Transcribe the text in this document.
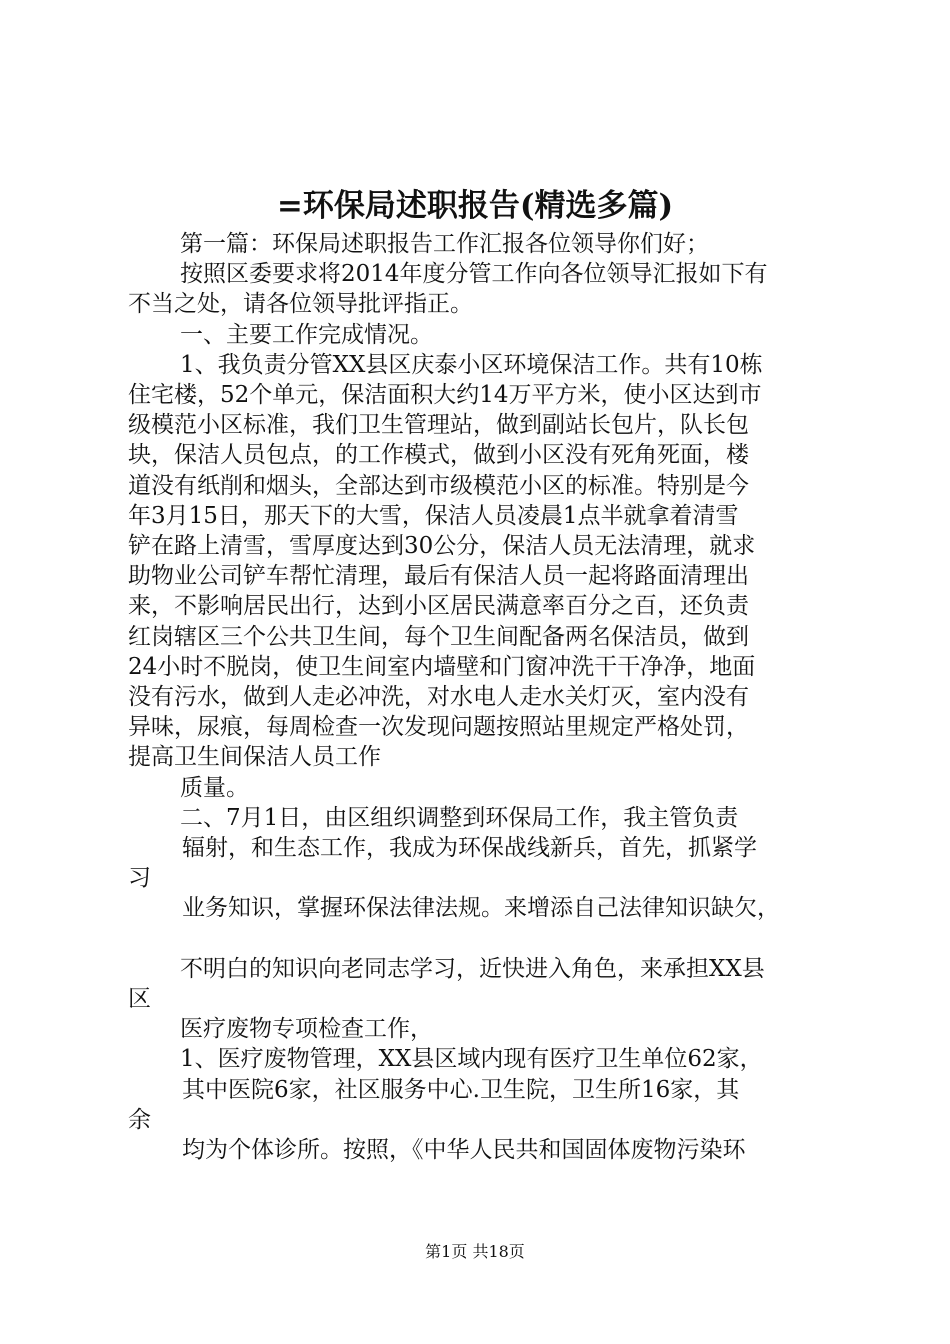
=环保局述职报告(精选多篇)

第一篇：环保局述职报告工作汇报各位领导你们好；

按照区委要求将2014年度分管工作向各位领导汇报如下有

不当之处，请各位领导批评指正。

一、主要工作完成情况。

1、我负责分管XX县区庆泰小区环境保洁工作。共有10栋

住宅楼，52个单元，保洁面积大约14万平方米，使小区达到市

级模范小区标准，我们卫生管理站，做到副站长包片，队长包

块，保洁人员包点，的工作模式，做到小区没有死角死面，楼

道没有纸削和烟头，全部达到市级模范小区的标准。特别是今

年3月15日，那天下的大雪，保洁人员凌晨1点半就拿着清雪

铲在路上清雪，雪厚度达到30公分，保洁人员无法清理，就求

助物业公司铲车帮忙清理，最后有保洁人员一起将路面清理出

来，不影响居民出行，达到小区居民满意率百分之百，还负责

红岗辖区三个公共卫生间，每个卫生间配备两名保洁员，做到

24小时不脱岗，使卫生间室内墙壁和门窗冲洗干干净净，地面

没有污水，做到人走必冲洗，对水电人走水关灯灭，室内没有

异味，尿痕，每周检查一次发现问题按照站里规定严格处罚，

提高卫生间保洁人员工作

质量。

二、7月1日，由区组织调整到环保局工作，我主管负责

辐射，和生态工作，我成为环保战线新兵，首先，抓紧学

习

业务知识，掌握环保法律法规。来增添自己法律知识缺欠，

不明白的知识向老同志学习，近快进入角色，来承担XX县

区

医疗废物专项检查工作，

1、医疗废物管理，XX县区域内现有医疗卫生单位62家，

其中医院6家，社区服务中心.卫生院，卫生所16家，其

余

均为个体诊所。按照，《中华人民共和国固体废物污染环

第1页 共18页
